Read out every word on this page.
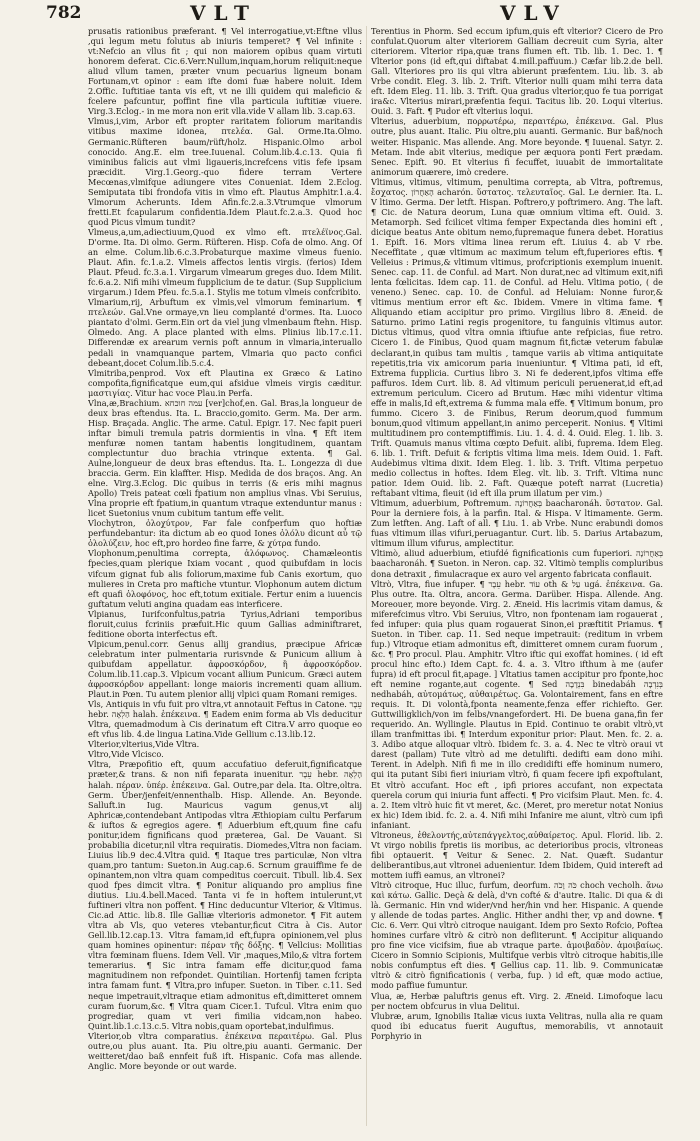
782	VLT	VLV

prusatis rationibus præferant. ¶ Vel interrogatiue,vt:Eftne vllus ,qui legum metu folutus ab iniuris temperet? ¶ Vel infinite : vt:Nefcio an vllus fit ; qui non maiorem opibus quam virtuti honorem deferat. Cic.6.Verr.Nullum,inquam,horum reliquit:neque aliud vllum tamen, præter vnum pecuarius ligneum bonam Fortunam,vt opinor : eam ifte domi fuæ habere noluit. Idem 2.Offic. Iuftitiae tanta vis eft, vt ne illi quidem qui maleficio & fcelere pafcuntur, poffint fine vlla particula iuftitiæ viuere. Virg.3.Eclog.- in me mora non erit vlla.vide V allam lib. 3.cap.63.

Vlmus,i,vim, Arbor eft propter raritatem foliorum maritandis vitibus maxime idonea, πτελέα. Gal. Orme.Ita.Olmo. Germanic.Rüfteren baum/rüft/holz. Hispanic.Olmo arbol conocido. Ang.E. elm tree.Iuuenal. Colum.lib.4.c.13. Quia fi viminibus falicis aut vlmi ligaueris,increfcens vitis fefe ipsam præcidit. Virg.1.Georg.-quo fidere terram Vertere Mecœnas,vlmifque adiungere vites Conueniat. Idem 2.Eclog. Semiputata tibi frondofa vitis in vlmo eft. Plautus Amphitr.1.a.4. Vlmorum Acherunts. Idem Afin.fc.2.a.3.Vtrumque vlmorum fretti.Et fcapularum confidentia.Idem Plaut.fc.2.a.3. Quod hoc quod Picus vlmum tundit?

Vlmeus,a,um,adiectiuum,Quod ex vlmo eft. πτελέϊνος.Gal. D'orme. Ita. Di olmo. Germ. Rüfteren. Hisp. Cofa de olmo. Ang. Of an elme. Colum.lib.6.c.3.Probaturque maxime vlmeus fuenio. Plaut. Afin. fc.1.a.2. Vlmeis affectos lentis virgis. (ferios) Idem Plaut. Pfeud. fc.3.a.1. Virgarum vlmearum greges duo. Idem Milit. fc.6.a.2. Nifi mihi vlmeum fupplicium de te datur. (Sup Supplicium virgarum.) Idem Pfeu. fc.5.a.1. Stylis me totum vlmeis confcribito.

Vlmarium,rij, Arbuftum ex vlmis,vel vlmorum feminarium. ¶ πτελεών. Gal.Vne ormaye,vn lieu complanté d'ormes. Ita. Luoco piantato d'olmi. Germ.Ein ort da viel jung vlmenbaum ftehn. Hisp. Olmedo. Ang. A place planted with elms. Plinius lib.17.c.11. Differendæ ex arearum vernis poft annum in vlmaria,interuallo pedali in vnamquanque partem, Vlmaria quo pacto confici debeant,docet Colum.lib.5.c.4.

Vlmitriba,penprod. Vox eft Plautina ex Græco & Latino compofita,fignificatque eum,qui afsidue vlmeis virgis cæditur. μαστιγίας. Vitur hac voce Plau.in Perfa.

Vlna,æ,Brachium. עמה חוכחא [ver]chof,en. Gal. Bras,la longueur de deux bras eftendus. Ita. L. Braccio,gomito. Germ. Ma. Der arm. Hisp. Braçada. Anglic. The arme. Catul. Epigr. 17. Nec fapit pueri inftar bimuli tremula patris dormientis in vlna. ¶ Eft item menfuræ nomen tantam habentis longitudinem, quantam complectuntur duo brachia vtrinque extenta. ¶ Gal. Aulne,longueur de deux bras eftendus. Ita. L. Longezza di due braccia. Germ. Ein klaffter. Hisp. Medida de dos braços. Ang. An elne. Virg.3.Eclog. Dic quibus in terris (& eris mihi magnus Apollo) Treis pateat cœli fpatium non amplius vlnas. Vbi Seruius, Vlna proprie eft fpatium,in quantum vtraque extenduntur manus : licet Suetonius vnum cubitum tantum effe velit.

Vlochytron, ὀλοχύτρον, Far fale confperfum quo hoftiæ perfundebantur: ita dictum ab eo quod Iones ὀλόλυ dicunt αὖ τῷ ὀλολύζειν, hoc eft,pro hordeo fine farre, & χύτρα fundo.

Vlophonum,penultima correpta, ἀλόφωνος. Chamæleontis fpecies,quam plerique Ixiam vocant , quod quibufdam in locis vifcum gignat fub alis foliorum,maxime fub Canis exortum, quo mulieres in Creta pro maftiche vtuntur. Vlophonum autem dictum eft quafi ὀλοφόνος, hoc eft,totum exitiale. Fertur enim a iuuencis guftatum veluti angina quadam eas interficere.

Vlpianus, Iurifconfultus,patria Tyrius,Adriani temporibus floruit,cuius fcriniis præfuit.Hic quum Gallias adminiftraret, feditione oborta interfectus eft.

Vlpicum,penul.corr. Genus allij grandius, præcipue Africæ celebratum inter pulmentaria rurisvnde & Punicum allium à quibufdam appellatur. ἀφροσκόρδον, ἢ ἀφροσκόρδον. Colum.lib.11.cap.3. Vlpicum vocant allium Punicum. Græci autem ἀφροσκόρδον appellant: longe maioris incrementi quam allium. Plaut.in Pœn. Tu autem plenior allij vlpici quam Romani remiges.

Vls, Antiquis in vfu fuit pro vltra,vt annotauit Feftus in Catone. עֵבֶר hebr. הַלְאָה halah. ἐπέκεινα. ¶ Eadem enim forma ab Vls deducitur Vltra, quemadmodum à Cis derinatum eft Citra.V arro quoque eo eft vfus lib. 4.de lingua Latina.Vide Gellium c.13.lib.12.

Vlterior,vlterius,Vide Vltra.

Vltro,Vide Vlcisco.

Vltra, Præpofitio eft, quum accufatiuo deferuit,fignificatque præter,& trans. & non nifi feparata inuenitur. עֵבֶר hebr. הָלְאָה halah. πέραν. ὑπέρ. ἐπέκεινα. Gal. Outre,par dela. Ita. Oltre,oltra. Germ. Über/jenfeit/ennenthalb. Hisp. Allende. An. Beyonde. Salluft.in Iug. Mauricus vagum genus,vt alij Aphricæ,contendebant Antipodas vltra Æthiopiam cultu Perfarum & iuftos & egregios agere. ¶ Aduerbium eft,quum fine cafu ponitur,idem fignificans quod præterea, Gal. De Vauant. Si probabilia dicetur,nil vltra requiratis. Diomedes,Vltra non faciam. Liuius lib.9 dec.4.Vltra quid. ¶ Itaque tres particulæ, Non vltra quam,pro tantum: Sueton.in Aug.cap.6. Scrnum grauiffime fe de opinantem,non vltra quam compeditus coercuit. Tibull. lib.4. Sex quod fpes dimcit vltra. ¶ Ponitur aliquando pro amplius fine diutius. Liu.4.bell.Maced. Tanta vi fe in hoftem intulerunt,vt fuftineri vltra non poffent. ¶ Hinc deducuntur Vlterior, & Vltimus. Cic.ad Attic. lib.8. Ille Galliæ vlterioris admonetor. ¶ Fit autem vltra ab Vls, quo veteres vtebantur,ficut Citra à Cis. Autor Gell.lib.12.cap.13. Vltra famam,id eft,fupra opinionem,vel plus quam homines opinentur: πέραν τῆς δόξης. ¶ Vellcius: Mollitias vltra fœminam fluens. Idem Vell. Vir ,maques,Milo,& vltra fortem temerarius. ¶ Sic intra famam effe dicitur,quod fama magnitudinem non refpondet. Quintilian. Hortenfij tamen fcripta intra famam funt. ¶ Vltra,pro infuper. Sueton. in Tiber. c.11. Sed neque impetrauit,vltraque etiam admonitus eft,dimitteret omnem curam fuorum,&c. ¶ Vltra quam Cicer.1. Tufcul. Vltra enim quo progrediar, quam vt veri fimilia vidcam,non habeo. Quint.lib.1.c.13.c.5. Vltra nobis,quam oportebat,indulfimus.

Vlterior,ob vltra comparatius. ἐπέκεινα περαιτέρω. Gal. Plus outre,ou plus auant. Ita. Piu oltre,piu auanti. Germanic. Der weitteret/dao baß ennfeit fuß ift. Hispanic. Cofa mas allende. Anglic. More beyonde or out warde.

Terentius in Phorm. Sed eccum ipfum,quis eft vlterior? Cicero de Pro confulat.Quorum alter vlteriorem Galliam decreuit cum Syria, alter citeriorem. Vlterior ripa,quæ trans flumen eft. Tib. lib. 1. Dec. 1. ¶ Vlterior pons (id eft,qui diftabat 4.mill.paffuum.) Cæfar lib.2.de bell. Gall. Vlteriores pro iis qui vltra abierunt præfentem. Liu. lib. 3. ab Vrbe condit. Eleg. 3. lib. 2. Trift. Vlterior nulli quam mihi terra data eft. Idem Eleg. 11. lib. 3. Trift. Qua gradus vlterior,quo fe tua porrigat ira&c. Vlterius mirari,præfentia fequi. Tacitus lib. 20. Loqui vlterius. Ouid. 3. Faft. ¶ Pudor eft vlterius loqui.

Vlterius, aduerbium, πορρωτέρω, περαιτέρω, ἐπέκεινα. Gal. Plus outre, plus auant. Italic. Piu oltre,piu auanti. Germanic. Bur baß/noch weiter. Hispanic. Mas allende. Ang. More beyonde. ¶ Iuuenal. Satyr. 2. Metam. Inde abit vlterius, medique per æquora ponti Fert prædam. Senec. Epift. 90. Et vlterius fi fecuffet, iuuabit de immortalitate animorum quærere, imò credere.

Vltimus, vltimus, vltimum, penultima correpta, ab Vltra, poftremus, ἔσχατος. הָאַחֲרוֹן acharón. ὕστατος. τελευταῖος. Gal. Le dernier. Ita. L. V ltimo. Germa. Der letft. Hispan. Poftrero,y poftrimero. Ang. The laft. ¶ Cic. de Natura deorum, Luna quæ omnium vltima eft. Ouid. 3. Metamorph. Sed fcilicet vltima femper Expectanda dies homini eft , dicique beatus Ante obitum nemo,fupremaque funera debet. Horatius 1. Epift. 16. Mors vltima linea rerum eft. Liuius 4. ab V rbe. Neceffitate , quæ vltimum ac maximum telum eft,fuperiores eftis. ¶ Velleius : Primus,& vltimum vltimus, profcriptionis exemplum inuenit. Senec. cap. 11. de Conful. ad Mart. Non durat,nec ad vltimum exit,nifi lenta fœlicitas. Idem cap. 11. de Conful. ad Helu. Vltima potio, ( de veneno.) Senec. cap. 10. de Conful. ad Heluiam: Nonne furor,& vltimus mentium error eft &c. Ibidem. Vmere in vltima fame. ¶ Aliquando etiam accipitur pro primo. Virgilius libro 8. Æneid. de Saturno. primo Latini regis progenitore, tu fanguinis vltimus autor. Dictus vltimus, quod vltra omnia iftiufue ante refpicias, fiue retro. Cicero 1. de Finibus, Quod quam magnum fit,fictæ veterum fabulæ declarant,in quibus tam multis , tamque variis ab vltima antiquitate repetitis,tria vix amicorum paria inueniuntur. ¶ Vltima pati, id eft, Extrema fupplicia. Curtius libro 3. Ni fe dederent,ipfos vltima effe paffuros. Idem Curt. lib. 8. Ad vltimum periculi peruenerat,id eft,ad extremum periculum. Cicero ad Brutum. Hæc mihi videntur vltima effe in malis,Id eft,extrema & fumma mala effe. ¶ Vltimum bonum, pro fummo. Cicero 3. de Finibus, Rerum deorum,quod fummum bonum,quod vltimum appellant,in animo perceperit. Nonius. ¶ Vltimi multitudinem pro contemptiffimis. Liu. 1. 4. d. 4. Ouid. Eleg. 1. lib. 3. Trift. Quamuis manus vltima cœpto Defuit. alibi, fuprema. Idem Eleg. 6. lib. 1. Trift. Defuit & fcriptis vltima lima meis. Idem Ouid. 1. Faft. Audebimus vltima dixit. Idem Eleg. 1. lib. 3. Trift. Vltima perpetuo medio collectus in hoftes. Idem Eleg. vlt. lib. 3. Trift. Vltima nunc patior. Idem Ouid. lib. 2. Faft. Quæque poteft narrat (Lucretia) reftabant vltima, fleuit (id eft illa prum illatum per vim.)

Vltimum, aduerbium, Poftremum. בְּאַחֲרוֹנָה baacharonáh. ὕστατον. Gal. Pour la derniere fois, à la parfin. Ital. & Hispa. V ltimamente. Germ. Zum letften. Ang. Laft of all. ¶ Liu. 1. ab Vrbe. Nunc erabundi domos fuas vltimum illas vifuri,peruagantur. Curt. lib. 5. Darius Artabazum, vltimum illum vifurus, amplectitur.

Vltimò, aliud aduerbium, etiufdé fignificationis cum fuperiori. בְּאַחֲרוֹנָה baacharonáh. ¶ Sueton. in Neron. cap. 32. Vltimò templis compluribus dona detraxit , fimulacraque ex auro vel argento fabricata conflauit.

Vltrò, Vltra, fiue infuper. ¶ עֵבֶר hebr. עוֹד oth & עַל ugá. ἐπέκεινα. Ga. Plus outre. Ita. Oltra, ancora. Germa. Darüber. Hispa. Allende. Ang. Moreouer, more beyonde. Virg. 2. Æneid. His lacrimis vitam damus, & miferefcimus vltro. Vbi Seruius, Vltro, non fpontenam iam rogauerat , fed infuper: quia plus quam rogauerat Sinon,ei præftitit Priamus. ¶ Sueton. in Tiber. cap. 11. Sed neque impetrauit: (reditum in vrbem fup.) Vltroque etiam admonitus eft, dimitteret omnem curam fuorum , &c. ¶ Pro procul. Plau. Amphitr. Vltro iftic qui exoffat homines. ( id eft procul hinc efto.) Idem Capt. fc. 4. a. 3. Vltro ifthum à me (aufer fupra) id eft procul fit,apage. ] Vltatius tamen accipitur pro fponte,hoc eft nemine rogante,aut cogente. ¶ Sed בִּנְדָבָה binedabáh בְּנִדְבָה nedhabáh, αὐτομάτως, αὐθαιρέτως. Ga. Volontairement, fans en eftre requis. It. Di volontà,fponta neamente,fenza effer richiefto. Ger. Guttwilligklich/von im felbs/vnangefordert. Hi. De buena gana,fin fer requerido. An. Wyllingle. Plautus in Epid. Continuo te orabit vltrò,vt illam tranfmittas ibi. ¶ Interdum exponitur prior: Plaut. Men. fc. 2. a. 3. Adibo atque alloquar vltrò. Ibidem fc. 3. a. 4. Nec te vltrò oraui vt darest (pallam) Tute vltrò ad me detulifti. dedifti eam dono mihi. Terent. in Adelph. Nifi fi me in illo credidifti effe hominum numero, qui ita putant Sibi fieri iniuriam vltrò, fi quam fecere ipfi expoftulant, Et vltrò accufant. Hoc eft , ipfi priores accufant, non expectata querela corum qui iniuria funt affecti. ¶ Pro vicifsim Plaut. Men. fc. 4. a. 2. Item vltrò huic fit vt meret, &c. (Meret, pro meretur notat Nonius ex hic) Idem ibid. fc. 2. a. 4. Nifi mihi Infanire me aiunt, vltrò cum ipfi infaniant.

Vltroneus, ἐθελοντής,αὐτεπάγγελτος,αὐθαίρετος. Apul. Florid. lib. 2. Vt virgo nobilis fpretis iis moribus, ac deterioribus procis, vltroneas fibi optauerit. ¶ Veitur & Senec. 2. Nat. Quæft. Sudantur deliberantibus,aut vltronei aduenientur. Idem Ibidem, Quid intereft ad mottem iuffi eamus, an vltronei?

Vltrò citroque, Huc illuc, furfum, deorfum. כֹּה וָכֹה choch vecholh. ἄνω καὶ κάτω. Gallic. Deçà & delà, d'vn cofté & d'autre. Italic. Di qua & di là. Germanic. Hin vnd wider/vnd her/hin vnd her. Hispanic. A quende y allende de todas partes. Anglic. Hither andhi ther, vp and downe. ¶ Cic. 6. Verr. Qui vltrò citroque nauigant. Idem pro Sexto Rofcio, Poftea homines curfare vltrò & citrò non defliterunt. ¶ Accipitur aliquando pro fine vice vicifsim, fiue ab vtraque parte. ἀμοιβαδὸν. ἀμοιβαίως. Cicero in Somnio Scipionis, Multifque verbis vltrò citroque habitis,ille nobis confumptus eft dies. ¶ Gellius cap. 11. lib. 9. Communicatæ vltrò & citrò fignificationis ( verba, fup. ) id eft, quæ modo actiue, modo paffiue fumuntur.

Vlua, æ, Herbæ paluftris genus eft. Virg. 2. Æneid. Limofoque lacu per noctem obfcurus in vlua Delitui.

Vlubræ, arum, Ignobilis Italiæ vicus iuxta Velitras, nulla alia re quam quod ibi educatus fuerit Auguftus, memorabilis, vt annotauit Porphyrio in
